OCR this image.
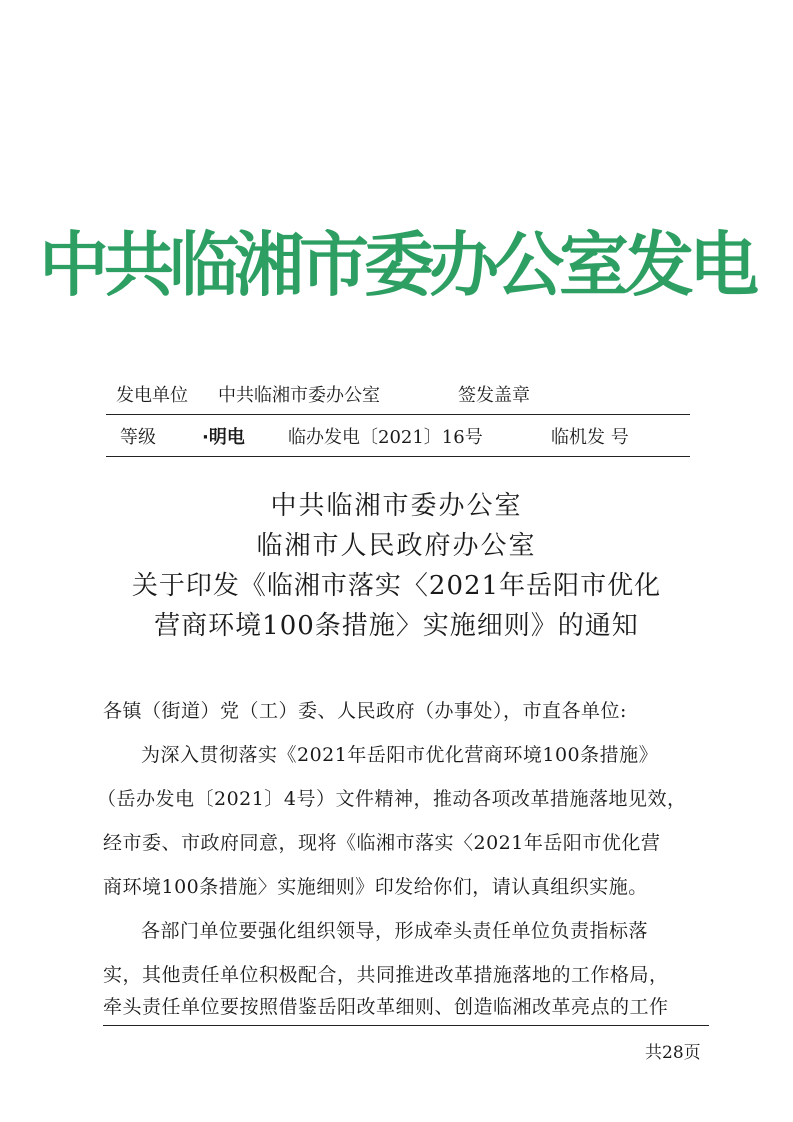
中共临湘市委办公室发电
发电单位 中共临湘市委办公室	签发盖章
等级	·明电 临办发电〔2021〕16号	临机发 号
中共临湘市委办公室
临湘市人民政府办公室
关于印发《临湘市落实〈2021年岳阳市优化
营商环境100条措施〉实施细则》的通知
各镇（街道）党（工）委、人民政府（办事处），市直各单位:
为深入贯彻落实《2021年岳阳市优化营商环境100条措施》
（岳办发电〔2021〕4号）文件精神，推动各项改革措施落地见效，
经市委、市政府同意，现将《临湘市落实〈2021年岳阳市优化营
商环境100条措施〉实施细则》印发给你们，请认真组织实施。
各部门单位要强化组织领导，形成牵头责任单位负责指标落
实，其他责任单位积极配合，共同推进改革措施落地的工作格局，
牵头责任单位要按照借鉴岳阳改革细则、创造临湘改革亮点的工作
共28页
